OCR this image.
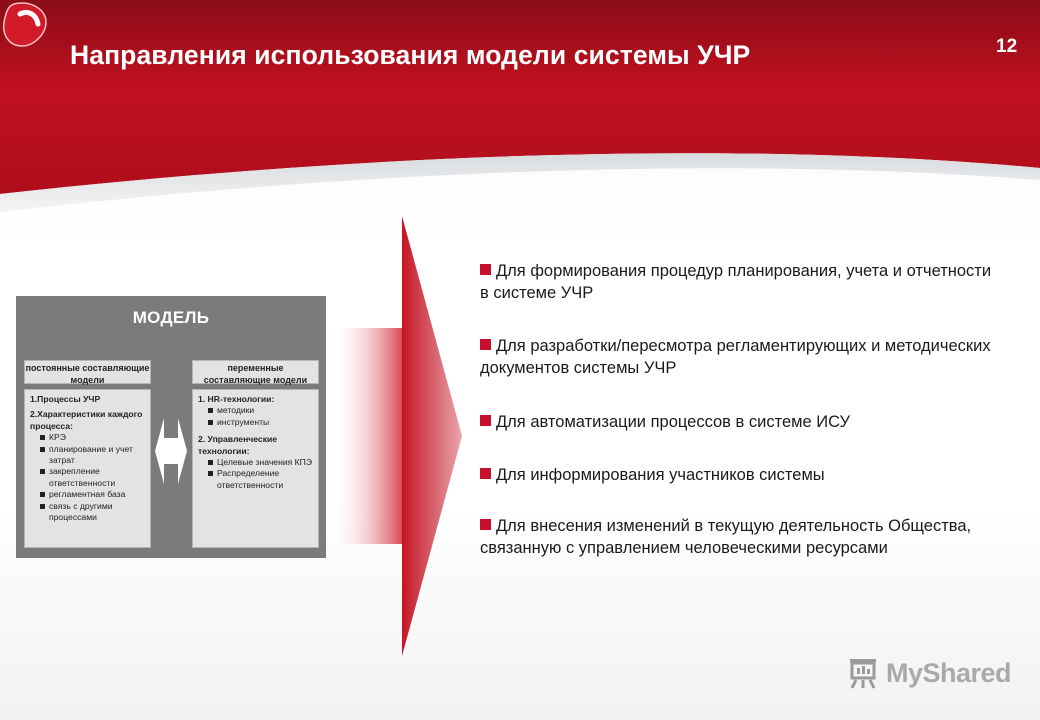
Направления использования модели системы УЧР	12
МОДЕЛЬ
постоянные составляющие модели
1.Процессы УЧР
2.Характеристики каждого процесса:
КРЭ
планирование и учет затрат
закрепление ответственности
регламентная база
связь с другими процессами
переменные составляющие модели
1. HR-технологии:
методики
инструменты
2. Управленческие технологии:
Целевые значения КПЭ
Распределение ответственности
Для формирования процедур планирования, учета и отчетности в системе УЧР
Для разработки/пересмотра регламентирующих и методических документов системы УЧР
Для автоматизации процессов в системе ИСУ
Для информирования участников системы
Для внесения изменений в текущую деятельность Общества, связанную с управлением человеческими ресурсами
MyShared
